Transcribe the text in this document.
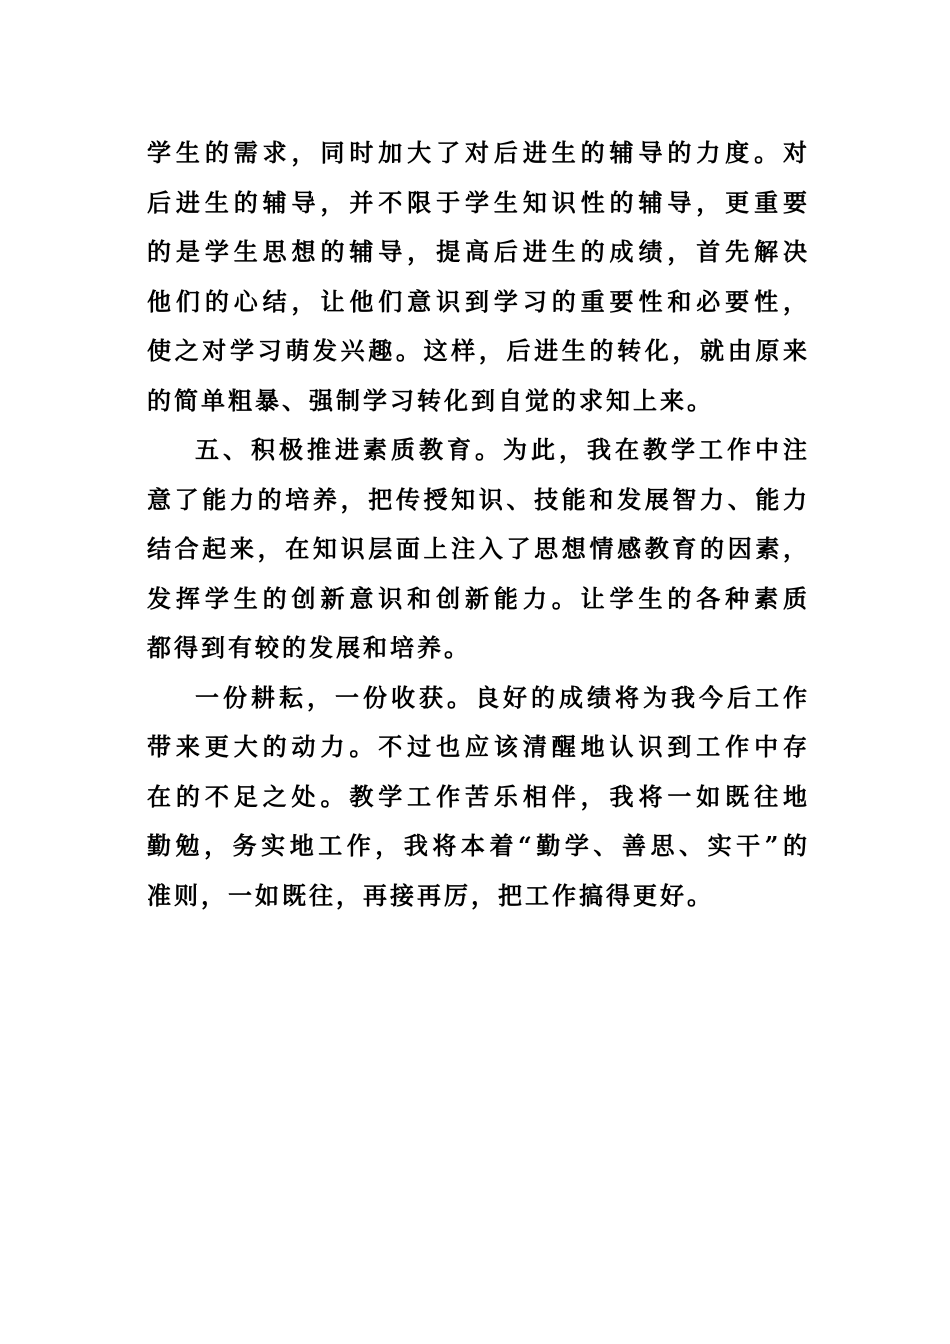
学生的需求，同时加大了对后进生的辅导的力度。对
后进生的辅导，并不限于学生知识性的辅导，更重要
的是学生思想的辅导，提高后进生的成绩，首先解决
他们的心结，让他们意识到学习的重要性和必要性，
使之对学习萌发兴趣。这样，后进生的转化，就由原来
的简单粗暴、强制学习转化到自觉的求知上来。
五、积极推进素质教育。为此，我在教学工作中注
意了能力的培养，把传授知识、技能和发展智力、能力
结合起来，在知识层面上注入了思想情感教育的因素，
发挥学生的创新意识和创新能力。让学生的各种素质
都得到有较的发展和培养。
一份耕耘，一份收获。良好的成绩将为我今后工作
带来更大的动力。不过也应该清醒地认识到工作中存
在的不足之处。教学工作苦乐相伴，我将一如既往地
勤勉，务实地工作，我将本着“勤学、善思、实干”的
准则，一如既往，再接再厉，把工作搞得更好。
